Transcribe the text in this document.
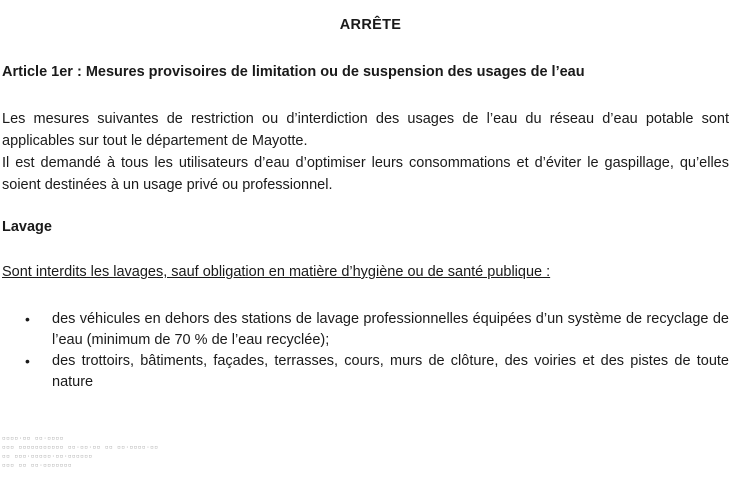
ARRÊTE
Article 1er : Mesures provisoires de limitation ou de suspension des usages de l’eau
Les mesures suivantes de restriction ou d’interdiction des usages de l’eau du réseau d’eau potable sont applicables sur tout le département de Mayotte.
Il est demandé à tous les utilisateurs d’eau d’optimiser leurs consommations et d’éviter le gaspillage, qu’elles soient destinées à un usage privé ou professionnel.
Lavage
Sont interdits les lavages, sauf obligation en matière d’hygiène ou de santé publique :
• des véhicules en dehors des stations de lavage professionnelles équipées d’un système de recyclage de l’eau (minimum de 70 % de l’eau recyclée);
• des trottoirs, bâtiments, façades, terrasses, cours, murs de clôture, des voiries et des pistes de toute nature
▫▫▫▫·▫▫ ▫▫·▫▫▫▫
▫▫▫ ▫▫▫▫▫▫▫▫▫▫▫ ▫▫·▫▫·▫▫ ▫▫ ▫▫·▫▫▫▫·▫▫
▫▫ ▫▫▫·▫▫▫▫▫·▫▫·▫▫▫▫▫▫
▫▫▫ ▫▫ ▫▫·▫▫▫▫▫▫▫
